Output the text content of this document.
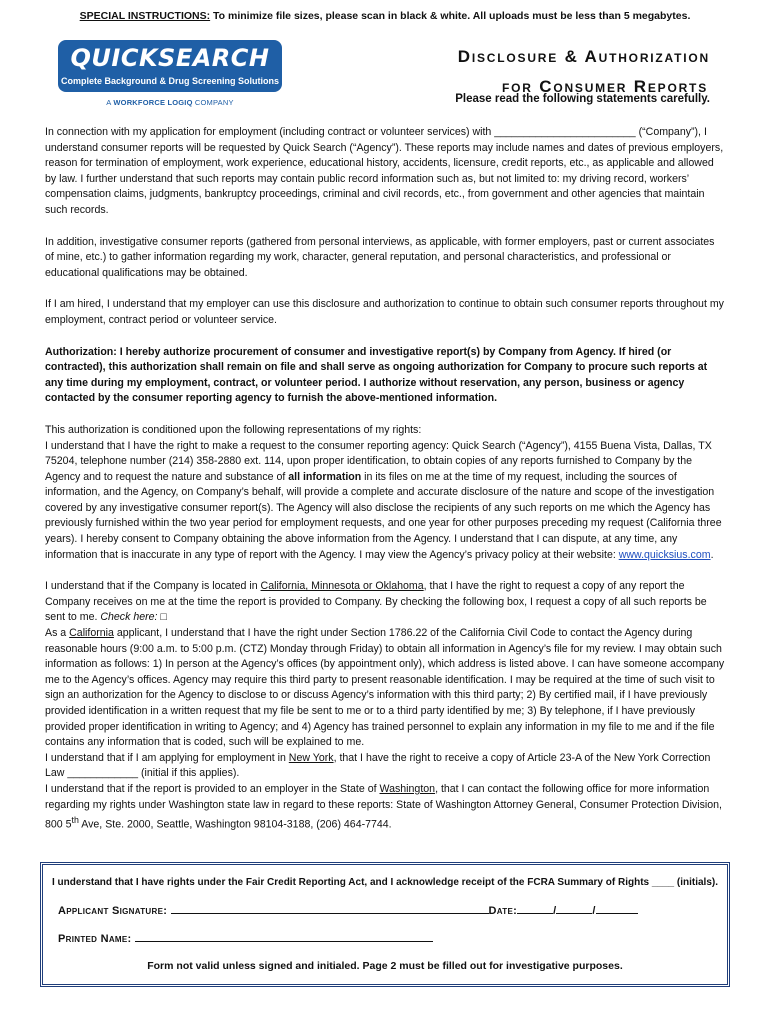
SPECIAL INSTRUCTIONS: To minimize file sizes, please scan in black & white. All uploads must be less than 5 megabytes.
QUICKSEARCH
Complete Background & Drug Screening Solutions
A WORKFORCE LOGIQ COMPANY
Disclosure & Authorization
for Consumer Reports
Please read the following statements carefully.

In connection with my application for employment (including contract or volunteer services) with ________________________ (“Company”), I understand consumer reports will be requested by Quick Search (“Agency”). These reports may include names and dates of previous employers, reason for termination of employment, work experience, educational history, accidents, licensure, credit reports, etc., as applicable and allowed by law. I further understand that such reports may contain public record information such as, but not limited to: my driving record, workers’ compensation claims, judgments, bankruptcy proceedings, criminal and civil records, etc., from government and other agencies that maintain such records.

In addition, investigative consumer reports (gathered from personal interviews, as applicable, with former employers, past or current associates of mine, etc.) to gather information regarding my work, character, general reputation, and personal characteristics, and professional or educational qualifications may be obtained.

If I am hired, I understand that my employer can use this disclosure and authorization to continue to obtain such consumer reports throughout my employment, contract period or volunteer service.

Authorization: I hereby authorize procurement of consumer and investigative report(s) by Company from Agency. If hired (or contracted), this authorization shall remain on file and shall serve as ongoing authorization for Company to procure such reports at any time during my employment, contract, or volunteer period. I authorize without reservation, any person, business or agency contacted by the consumer reporting agency to furnish the above-mentioned information.

This authorization is conditioned upon the following representations of my rights:

I understand that I have the right to make a request to the consumer reporting agency: Quick Search (“Agency”), 4155 Buena Vista, Dallas, TX 75204, telephone number (214) 358-2880 ext. 114, upon proper identification, to obtain copies of any reports furnished to Company by the Agency and to request the nature and substance of all information in its files on me at the time of my request, including the sources of information, and the Agency, on Company’s behalf, will provide a complete and accurate disclosure of the nature and scope of the investigation covered by any investigative consumer report(s). The Agency will also disclose the recipients of any such reports on me which the Agency has previously furnished within the two year period for employment requests, and one year for other purposes preceding my request (California three years). I hereby consent to Company obtaining the above information from the Agency. I understand that I can dispute, at any time, any information that is inaccurate in any type of report with the Agency. I may view the Agency’s privacy policy at their website: www.quicksius.com.

I understand that if the Company is located in California, Minnesota or Oklahoma, that I have the right to request a copy of any report the Company receives on me at the time the report is provided to Company. By checking the following box, I request a copy of all such reports be sent to me. Check here: □

As a California applicant, I understand that I have the right under Section 1786.22 of the California Civil Code to contact the Agency during reasonable hours (9:00 a.m. to 5:00 p.m. (CTZ) Monday through Friday) to obtain all information in Agency’s file for my review. I may obtain such information as follows: 1) In person at the Agency’s offices (by appointment only), which address is listed above. I can have someone accompany me to the Agency’s offices. Agency may require this third party to present reasonable identification. I may be required at the time of such visit to sign an authorization for the Agency to disclose to or discuss Agency’s information with this third party; 2) By certified mail, if I have previously provided identification in a written request that my file be sent to me or to a third party identified by me; 3) By telephone, if I have previously provided proper identification in writing to Agency; and 4) Agency has trained personnel to explain any information in my file to me and if the file contains any information that is coded, such will be explained to me.

I understand that if I am applying for employment in New York, that I have the right to receive a copy of Article 23-A of the New York Correction Law ____________ (initial if this applies).

I understand that if the report is provided to an employer in the State of Washington, that I can contact the following office for more information regarding my rights under Washington state law in regard to these reports: State of Washington Attorney General, Consumer Protection Division, 800 5th Ave, Ste. 2000, Seattle, Washington 98104-3188, (206) 464-7744.

I understand that I have rights under the Fair Credit Reporting Act, and I acknowledge receipt of the FCRA Summary of Rights ____ (initials).
Applicant Signature:	Date:	/	/
Printed Name:
Form not valid unless signed and initialed. Page 2 must be filled out for investigative purposes.
